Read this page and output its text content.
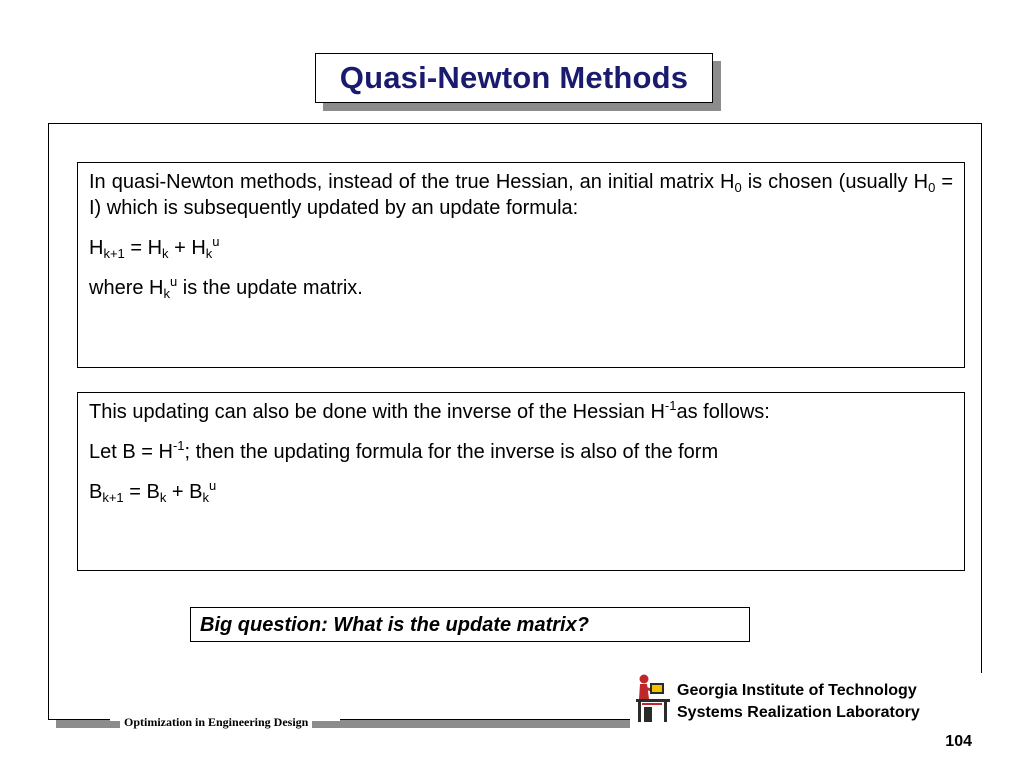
Quasi-Newton Methods

In quasi-Newton methods, instead of the true Hessian, an initial matrix $H_0$ is chosen (usually $H_0 = I$) which is subsequently updated by an update formula:

$H_{k+1} = H_k + H_k^u$

where $H_k^u$ is the update matrix.

This updating can also be done with the inverse of the Hessian $H^{-1}as$ follows:

Let $B = H^{-1}$; then the updating formula for the inverse is also of the form

$B_{k+1} = B_k + B_k^u$

Big question: What is the update matrix?
Optimization in Engineering Design
Georgia Institute of Technology
Systems Realization Laboratory
104
